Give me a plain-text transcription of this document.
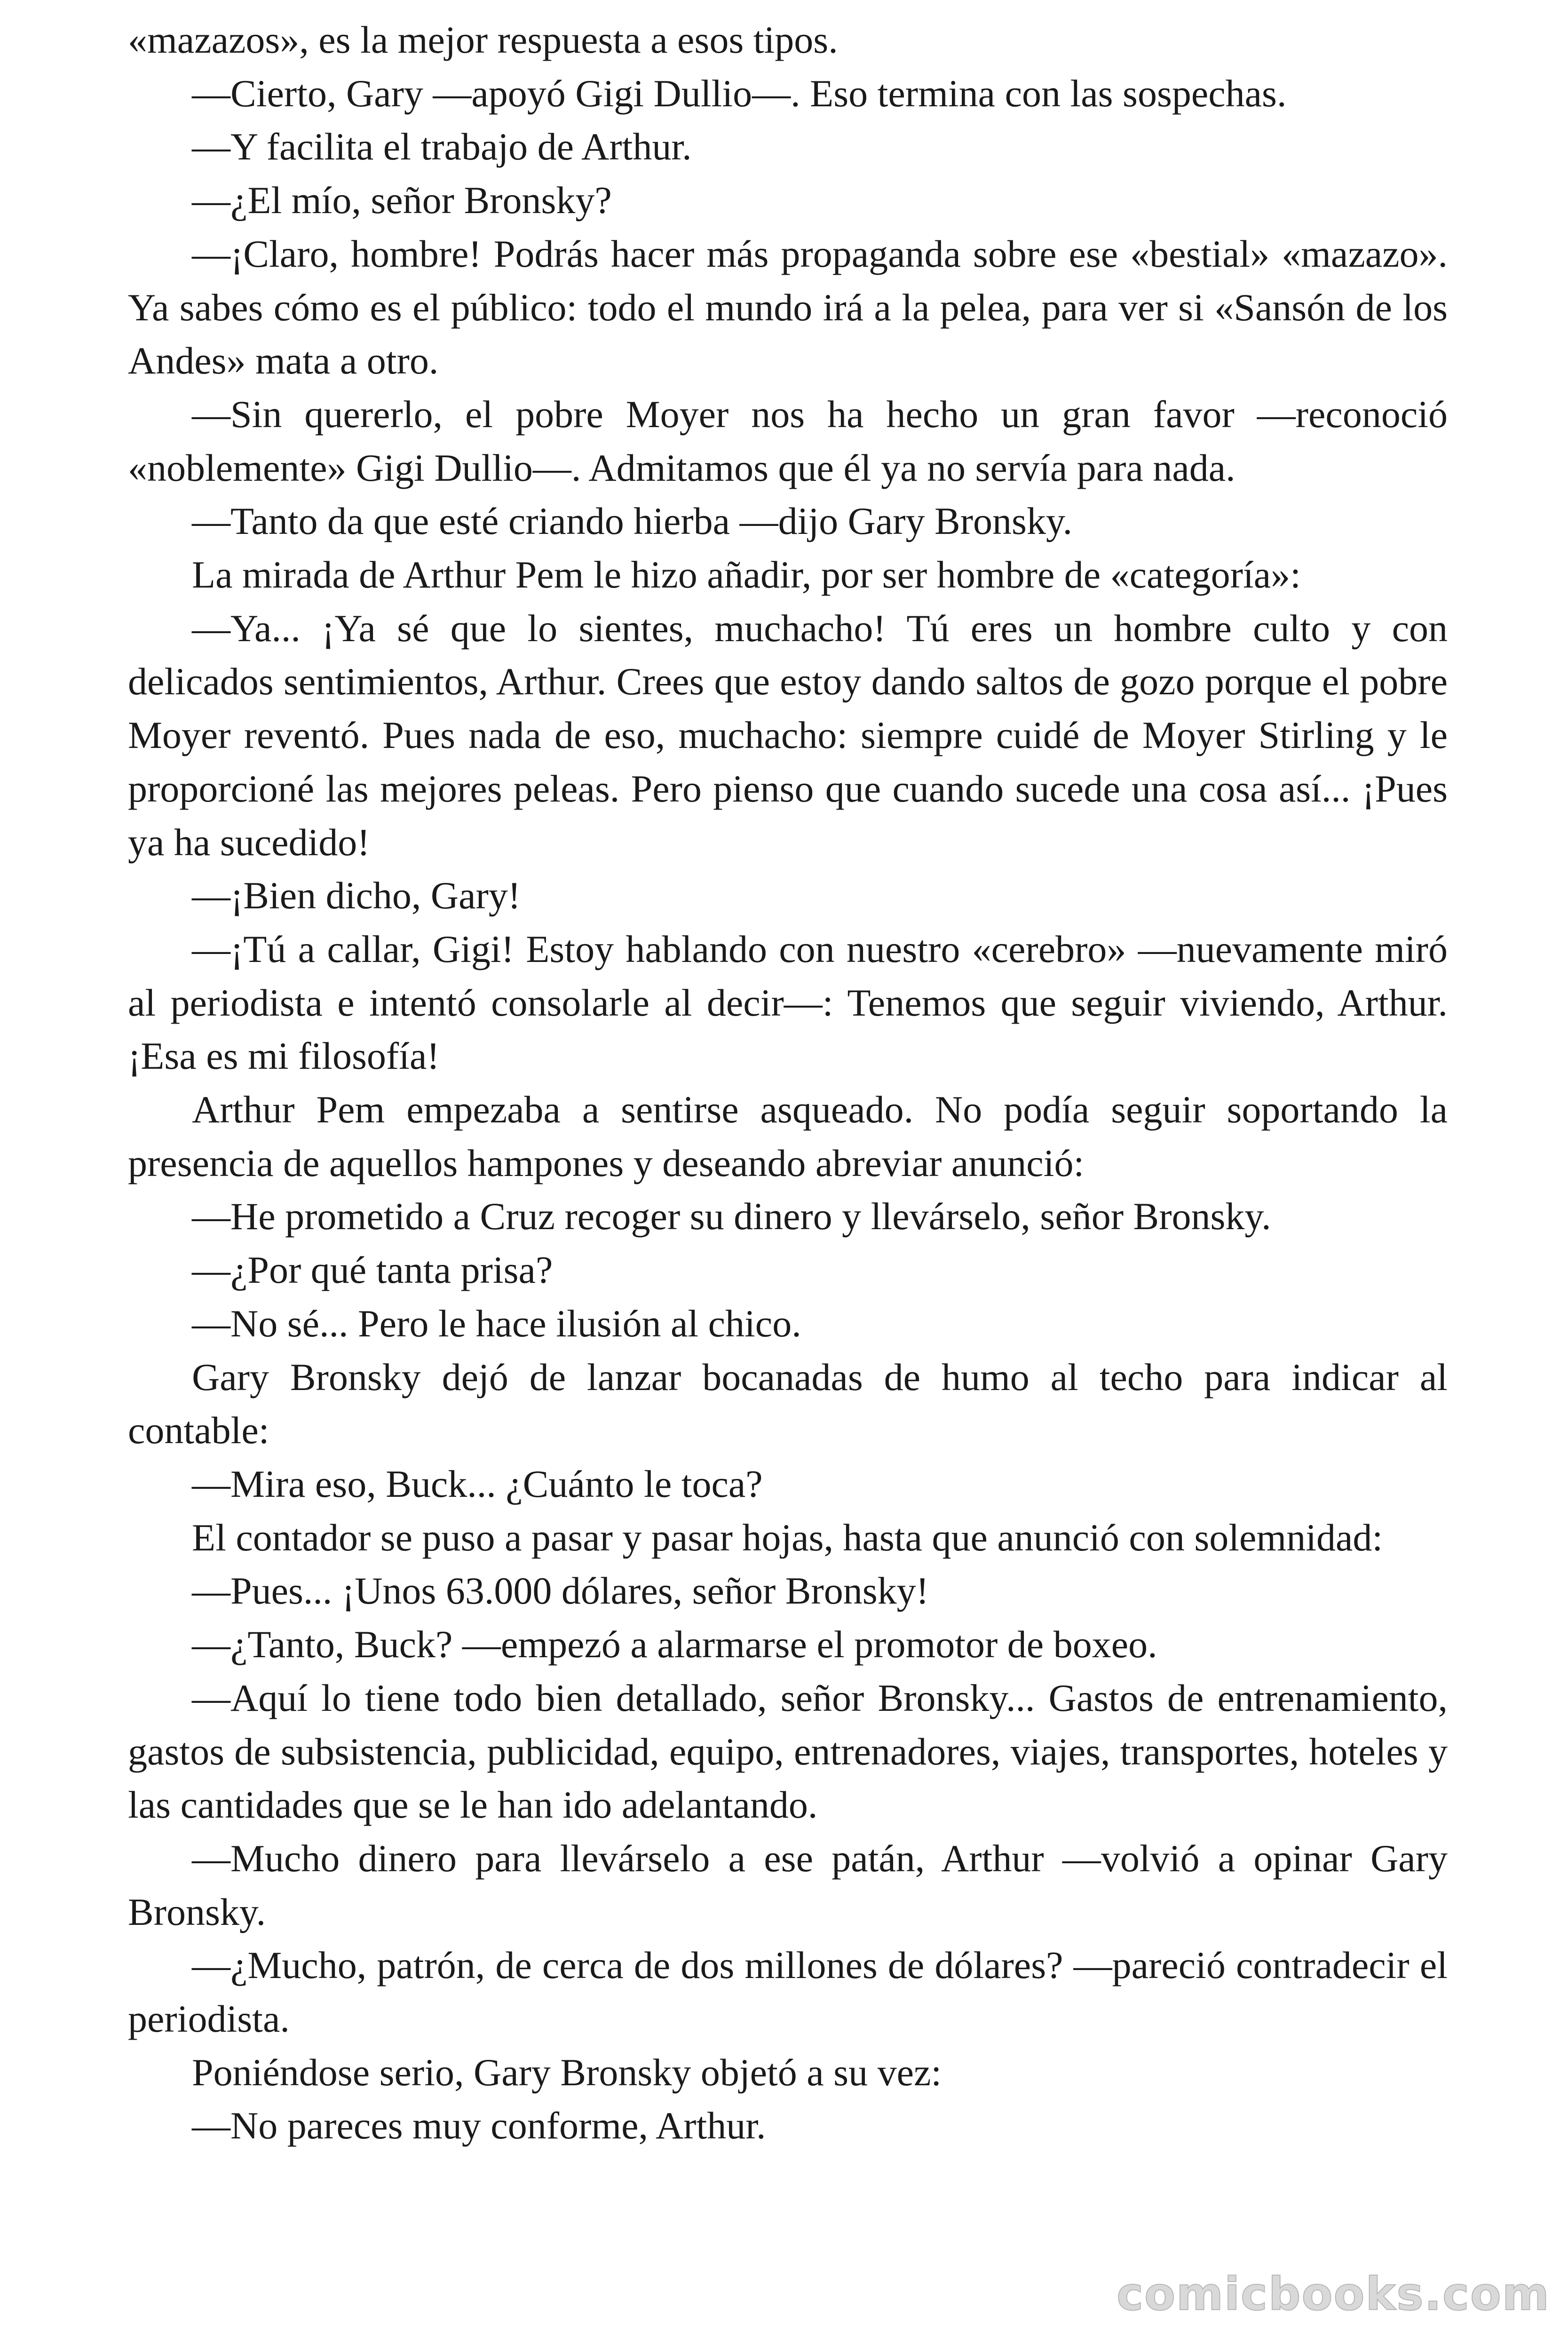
«mazazos», es la mejor respuesta a esos tipos.

—Cierto, Gary —apoyó Gigi Dullio—. Eso termina con las sospechas.

—Y facilita el trabajo de Arthur.

—¿El mío, señor Bronsky?

—¡Claro, hombre! Podrás hacer más propaganda sobre ese «bestial» «mazazo». Ya sabes cómo es el público: todo el mundo irá a la pelea, para ver si «Sansón de los Andes» mata a otro.

—Sin quererlo, el pobre Moyer nos ha hecho un gran favor —reconoció «noblemente» Gigi Dullio—. Admitamos que él ya no servía para nada.

—Tanto da que esté criando hierba —dijo Gary Bronsky.

La mirada de Arthur Pem le hizo añadir, por ser hombre de «categoría»:

—Ya... ¡Ya sé que lo sientes, muchacho! Tú eres un hombre culto y con delicados sentimientos, Arthur. Crees que estoy dando saltos de gozo porque el pobre Moyer reventó. Pues nada de eso, muchacho: siempre cuidé de Moyer Stirling y le proporcioné las mejores peleas. Pero pienso que cuando sucede una cosa así... ¡Pues ya ha sucedido!

—¡Bien dicho, Gary!

—¡Tú a callar, Gigi! Estoy hablando con nuestro «cerebro» —nuevamente miró al periodista e intentó consolarle al decir—: Tenemos que seguir viviendo, Arthur. ¡Esa es mi filosofía!

Arthur Pem empezaba a sentirse asqueado. No podía seguir soportando la presencia de aquellos hampones y deseando abreviar anunció:

—He prometido a Cruz recoger su dinero y llevárselo, señor Bronsky.

—¿Por qué tanta prisa?

—No sé... Pero le hace ilusión al chico.

Gary Bronsky dejó de lanzar bocanadas de humo al techo para indicar al contable:

—Mira eso, Buck... ¿Cuánto le toca?

El contador se puso a pasar y pasar hojas, hasta que anunció con solemnidad:

—Pues... ¡Unos 63.000 dólares, señor Bronsky!

—¿Tanto, Buck? —empezó a alarmarse el promotor de boxeo.

—Aquí lo tiene todo bien detallado, señor Bronsky... Gastos de entrenamiento, gastos de subsistencia, publicidad, equipo, entrenadores, viajes, transportes, hoteles y las cantidades que se le han ido adelantando.

—Mucho dinero para llevárselo a ese patán, Arthur —volvió a opinar Gary Bronsky.

—¿Mucho, patrón, de cerca de dos millones de dólares? —pareció contradecir el periodista.

Poniéndose serio, Gary Bronsky objetó a su vez:

—No pareces muy conforme, Arthur.

comicbooks.com
